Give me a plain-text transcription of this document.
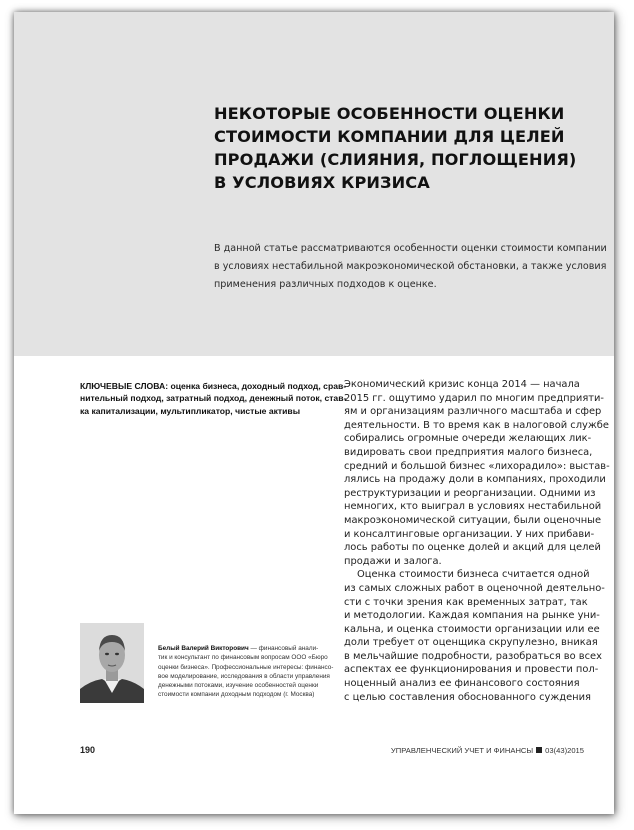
НЕКОТОРЫЕ ОСОБЕННОСТИ ОЦЕНКИ
СТОИМОСТИ КОМПАНИИ ДЛЯ ЦЕЛЕЙ
ПРОДАЖИ (СЛИЯНИЯ, ПОГЛОЩЕНИЯ)
В УСЛОВИЯХ КРИЗИСА

В данной статье рассматриваются особенности оценки стоимости компании
в условиях нестабильной макроэкономической обстановки, а также условия
применения различных подходов к оценке.

КЛЮЧЕВЫЕ СЛОВА: оценка бизнеса, доходный подход, срав-
нительный подход, затратный подход, денежный поток, став-
ка капитализации, мультипликатор, чистые активы

Экономический кризис конца 2014 — начала
2015 гг. ощутимо ударил по многим предприяти-
ям и организациям различного масштаба и сфер
деятельности. В то время как в налоговой службе
собирались огромные очереди желающих лик-
видировать свои предприятия малого бизнеса,
средний и большой бизнес «лихорадило»: выстав-
лялись на продажу доли в компаниях, проходили
реструктуризации и реорганизации. Одними из
немногих, кто выиграл в условиях нестабильной
макроэкономической ситуации, были оценочные
и консалтинговые организации. У них прибави-
лось работы по оценке долей и акций для целей
продажи и залога.
Оценка стоимости бизнеса считается одной
из самых сложных работ в оценочной деятельно-
сти с точки зрения как временных затрат, так
и методологии. Каждая компания на рынке уни-
кальна, и оценка стоимости организации или ее
доли требует от оценщика скрупулезно, вникая
в мельчайшие подробности, разобраться во всех
аспектах ее функционирования и провести пол-
ноценный анализ ее финансового состояния
с целью составления обоснованного суждения

Белый Валерий Викторович — финансовый анали-
тик и консультант по финансовым вопросам ООО «Бюро
оценки бизнеса». Профессиональные интересы: финансо-
вое моделирование, исследования в области управления
денежными потоками, изучение особенностей оценки
стоимости компании доходным подходом (г. Москва)

190	УПРАВЛЕНЧЕСКИЙ УЧЕТ И ФИНАНСЫ 03(43)2015
